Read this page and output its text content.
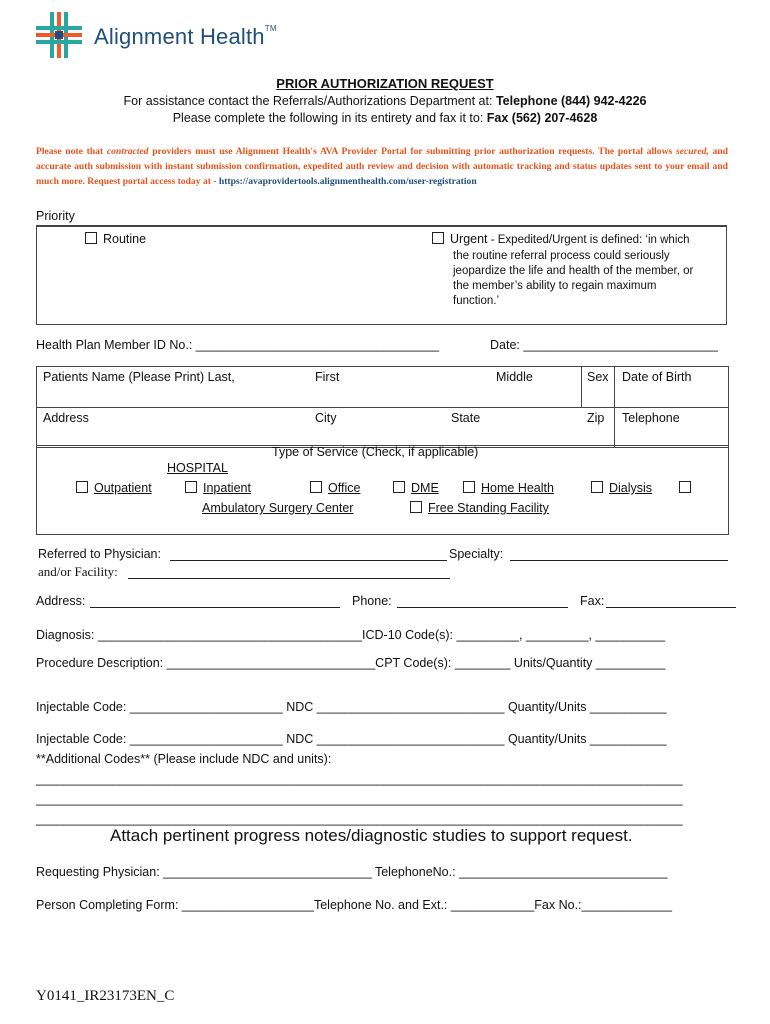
Alignment Health™
PRIOR AUTHORIZATION REQUEST
For assistance contact the Referrals/Authorizations Department at: Telephone (844) 942-4226
Please complete the following in its entirety and fax it to: Fax (562) 207-4628
Please note that contracted providers must use Alignment Health's AVA Provider Portal for submitting prior authorization requests. The portal allows secured, and accurate auth submission with instant submission confirmation, expedited auth review and decision with automatic tracking and status updates sent to your email and much more. Request portal access today at - https://avaprovidertools.alignmenthealth.com/user-registration
Priority
Routine	Urgent - Expedited/Urgent is defined: ‘in which
the routine referral process could seriously
jeopardize the life and health of the member, or
the member’s ability to regain maximum
function.’
Health Plan Member ID No.: ___________________________________	Date: ____________________________
Patients Name (Please Print) Last,	First	Middle	Sex Date of Birth
Address	City	State	Zip Telephone
Type of Service (Check, if applicable)
HOSPITAL
Outpatient	Inpatient	Office	DME	Home Health	Dialysis
Ambulatory Surgery Center	Free Standing Facility
Referred to Physician:	Specialty:
and/or Facility:
Address:	Phone:	Fax:
Diagnosis: ______________________________________ICD-10 Code(s): _________, _________, __________
Procedure Description: ______________________________CPT Code(s): ________ Units/Quantity __________
Injectable Code: ______________________ NDC ___________________________ Quantity/Units ___________
Injectable Code: ______________________ NDC ___________________________ Quantity/Units ___________
**Additional Codes** (Please include NDC and units):
_____________________________________________________________________________________________
_____________________________________________________________________________________________
_____________________________________________________________________________________________
Attach pertinent progress notes/diagnostic studies to support request.
Requesting Physician: ______________________________ TelephoneNo.: ______________________________
Person Completing Form: ___________________Telephone No. and Ext.: ____________Fax No.:_____________
Y0141_IR23173EN_C
